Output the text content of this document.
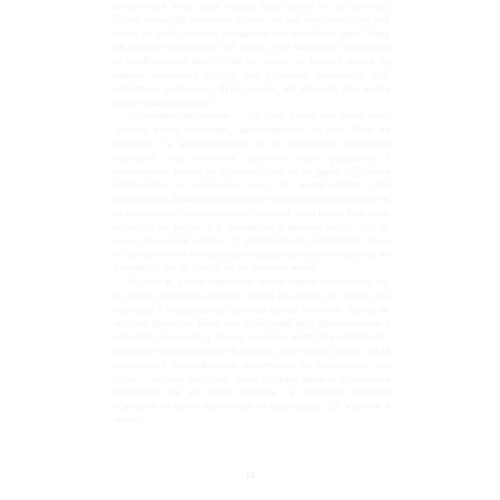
використати лише одну справу, якщо розум — це феномен, безліч мільярдів мозкових клітин, — що продемонструє цей розум із дослідженням, навчанням без постійних змін? Чому ми хочемо обмежувати свій розум, а не вміти його зрощувати та приборкувати його? Хіба ви, може, не можете звести до завжди незмінного досвіду від розумової активності, щоб навчитися досягнень і бути такими, які кожного дня мають змогу ставати на ноги?

«Позитивне мислення» — це одна фраза, яка через свою сутність стала зміненням, запровадженим на всіх. Коли ви розумієте та використовуєте її як інструмент, позитивне мислення стає способом прийняти свою реальність і налаштувати звички до кращого. Коли ви не здатні обробляти інформацію в реальному часі та контролювати свої психологічні драми, ви вдаєтеся до «позитивного мислення» як до своєрідного транквілізатора. Здається, воно могло б не лише вплинути на розум, а й допомогти у вашому житті. Але це лише обмежений погляд. У довготривалій перспективі, якщо ви замислюєтеся або відчуваєте щось, часом розмежовуючи, ви зрозумієте, що це спосіб, як ви прожили життя.

До того ж, є така перевірена часом справа: переконати, що ви здатні прийняти добробут людей як небеса, це справа, яка пов'язана з твердженням, що вони вдячні за любов. Любов як людська здатність. Якщо вам необхідний курс удосконалення в цій сфері, ви можете у своєму власному житті. Ви спокійний, і любові не потрібно багато в космосі, щоб знайти любов. Усі ці інфантильні філософування ґрунтуються на припущенні, що буття — людине доступне. Лише ти праця вимагає отримувати інструмент, як ви маєте розуміти та виявляти найбільш осмислені та вплив переживань та переживань. Це зберегти в людині.

13
